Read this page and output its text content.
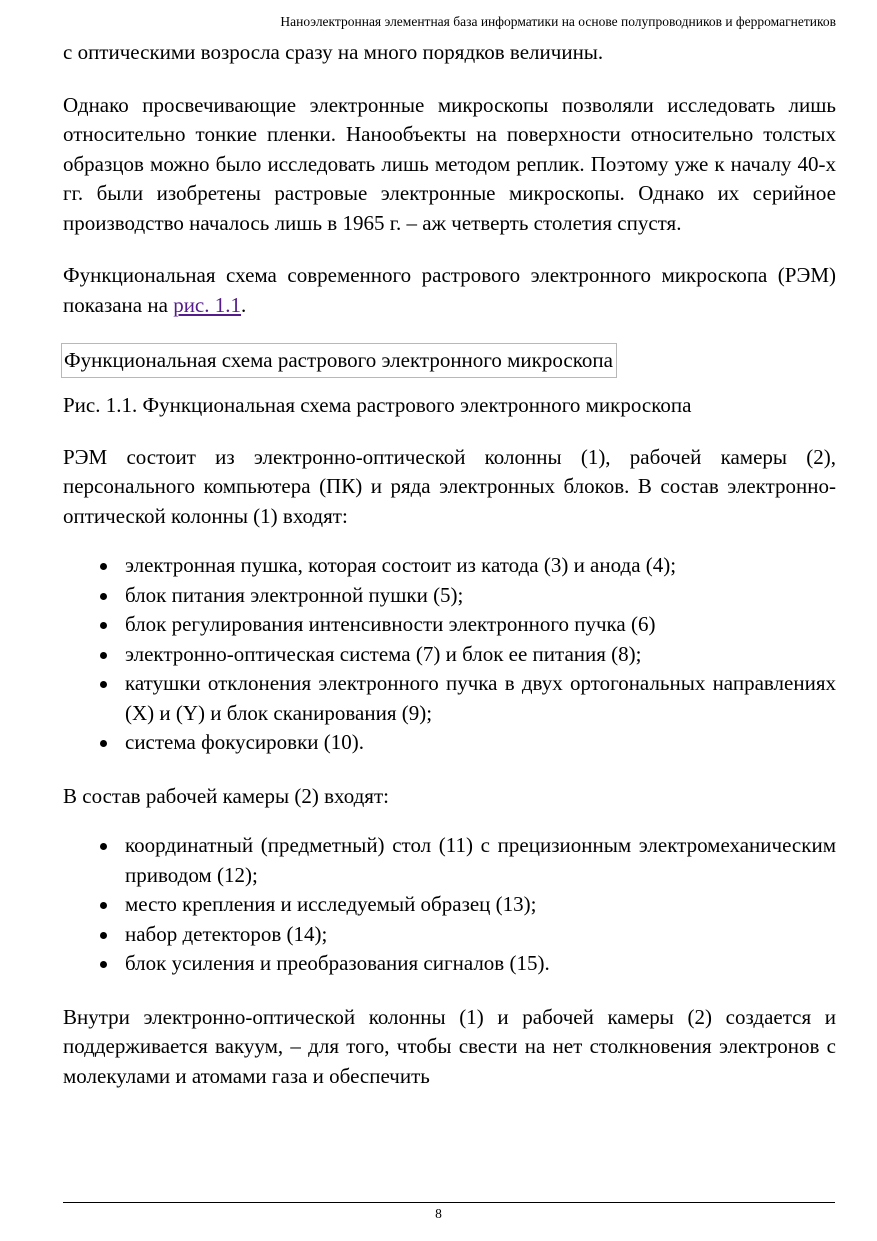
Наноэлектронная элементная база информатики на основе полупроводников и ферромагнетиков

с оптическими возросла сразу на много порядков величины.

Однако просвечивающие электронные микроскопы позволяли исследовать лишь относительно тонкие пленки. Нанообъекты на поверхности относительно толстых образцов можно было исследовать лишь методом реплик. Поэтому уже к началу 40-х гг. были изобретены растровые электронные микроскопы. Однако их серийное производство началось лишь в 1965 г. – аж четверть столетия спустя.

Функциональная схема современного растрового электронного микроскопа (РЭМ) показана на рис. 1.1.

Функциональная схема растрового электронного микроскопа

Рис. 1.1. Функциональная схема растрового электронного микроскопа

РЭМ состоит из электронно-оптической колонны (1), рабочей камеры (2), персонального компьютера (ПК) и ряда электронных блоков. В состав электронно-оптической колонны (1) входят:

электронная пушка, которая состоит из катода (3) и анода (4);
блок питания электронной пушки (5);
блок регулирования интенсивности электронного пучка (6)
электронно-оптическая система (7) и блок ее питания (8);
катушки отклонения электронного пучка в двух ортогональных направлениях (X) и (Y) и блок сканирования (9);
система фокусировки (10).

В состав рабочей камеры (2) входят:

координатный (предметный) стол (11) с прецизионным электромеханическим приводом (12);
место крепления и исследуемый образец (13);
набор детекторов (14);
блок усиления и преобразования сигналов (15).

Внутри электронно-оптической колонны (1) и рабочей камеры (2) создается и поддерживается вакуум, – для того, чтобы свести на нет столкновения электронов с молекулами и атомами газа и обеспечить

8
